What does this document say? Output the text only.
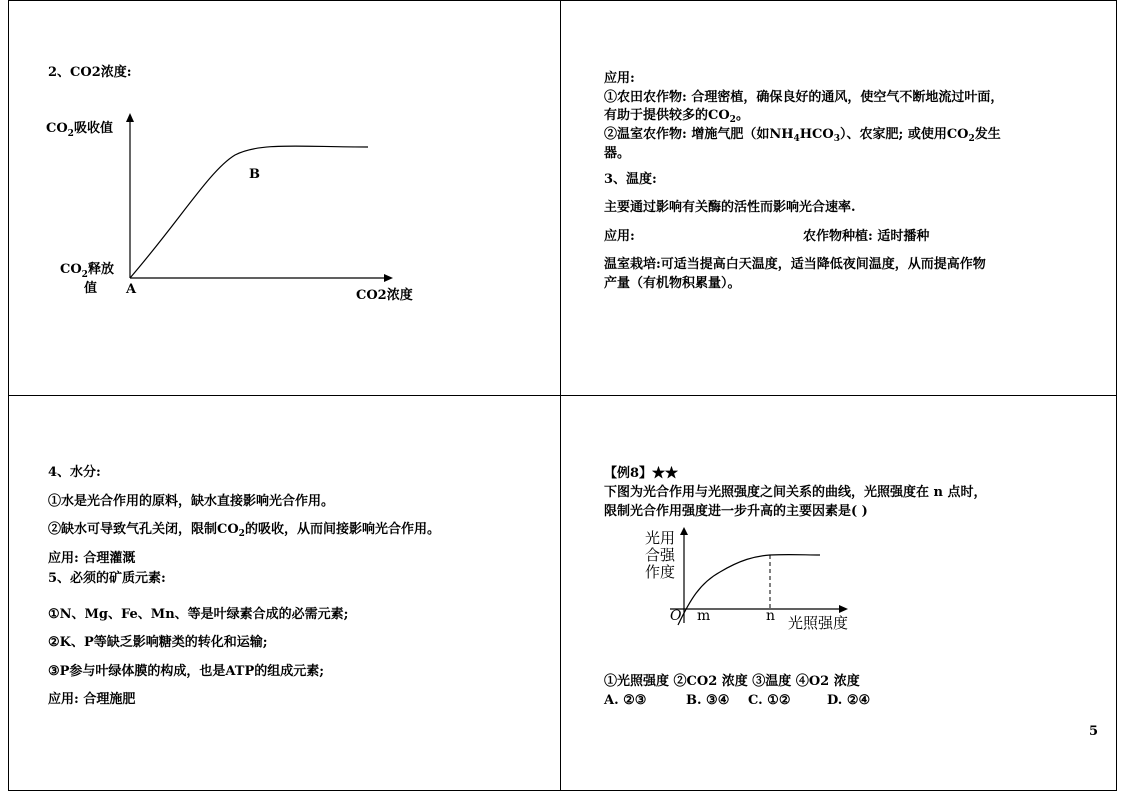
2、CO2浓度:
$CO_2$吸收值
$CO_2$释放
值 A
B
CO2浓度
应用:
①农田农作物: 合理密植，确保良好的通风，使空气不断地流过叶面，
有助于提供较多的$CO_2$。
②温室农作物: 增施气肥（如$NH_4HCO_3$）、农家肥; 或使用$CO_2$发生
器。
3、温度:
主要通过影响有关酶的活性而影响光合速率.
应用:	农作物种植: 适时播种
温室栽培:可适当提高白天温度，适当降低夜间温度，从而提高作物
产量（有机物积累量）。
4、水分:
①水是光合作用的原料，缺水直接影响光合作用。
②缺水可导致气孔关闭，限制$CO_2$的吸收，从而间接影响光合作用。
应用: 合理灌溉
5、必须的矿质元素:
①N、Mg、Fe、Mn、等是叶绿素合成的必需元素;
②K、P等缺乏影响糖类的转化和运输;
③P参与叶绿体膜的构成，也是ATP的组成元素;
应用: 合理施肥
【例8】★★
下图为光合作用与光照强度之间关系的曲线，光照强度在 n 点时，
限制光合作用强度进一步升高的主要因素是( )
光用
合强
作度
O m	n 光照强度
①光照强度 ②CO2 浓度 ③温度 ④O2 浓度
A. ②③	B. ③④ C. ①②	D. ②④
5
